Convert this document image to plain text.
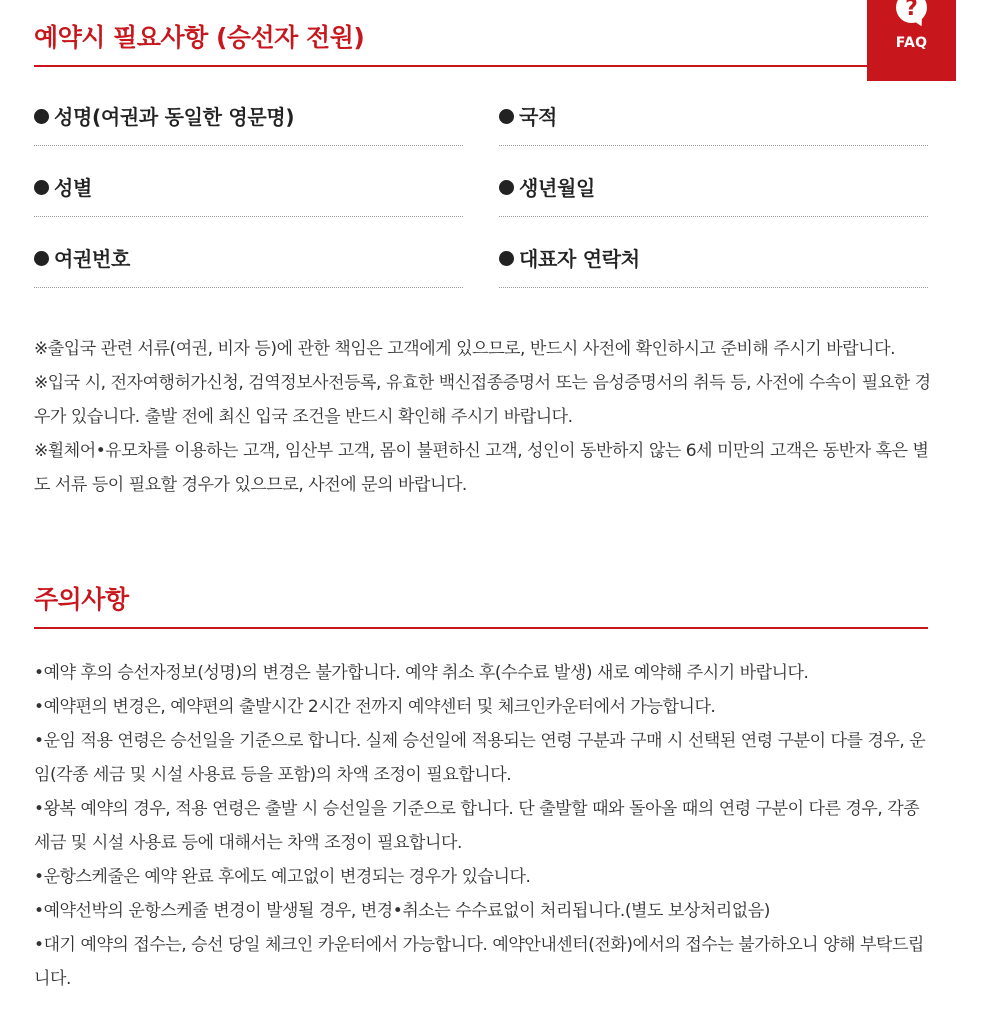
예약시 필요사항 (승선자 전원)
?
FAQ
성명(여권과 동일한 영문명)	국적
성별	생년월일
여권번호	대표자 연락처

※출입국 관련 서류(여권, 비자 등)에 관한 책임은 고객에게 있으므로, 반드시 사전에 확인하시고 준비해 주시기 바랍니다.

※입국 시, 전자여행허가신청, 검역정보사전등록, 유효한 백신접종증명서 또는 음성증명서의 취득 등, 사전에 수속이 필요한 경우가 있습니다. 출발 전에 최신 입국 조건을 반드시 확인해 주시기 바랍니다.

※휠체어•유모차를 이용하는 고객, 임산부 고객, 몸이 불편하신 고객, 성인이 동반하지 않는 6세 미만의 고객은 동반자 혹은 별도 서류 등이 필요할 경우가 있으므로, 사전에 문의 바랍니다.

주의사항

•예약 후의 승선자정보(성명)의 변경은 불가합니다. 예약 취소 후(수수료 발생) 새로 예약해 주시기 바랍니다.

•예약편의 변경은, 예약편의 출발시간 2시간 전까지 예약센터 및 체크인카운터에서 가능합니다.

•운임 적용 연령은 승선일을 기준으로 합니다. 실제 승선일에 적용되는 연령 구분과 구매 시 선택된 연령 구분이 다를 경우, 운임(각종 세금 및 시설 사용료 등을 포함)의 차액 조정이 필요합니다.

•왕복 예약의 경우, 적용 연령은 출발 시 승선일을 기준으로 합니다. 단 출발할 때와 돌아올 때의 연령 구분이 다른 경우, 각종 세금 및 시설 사용료 등에 대해서는 차액 조정이 필요합니다.

•운항스케줄은 예약 완료 후에도 예고없이 변경되는 경우가 있습니다.

•예약선박의 운항스케줄 변경이 발생될 경우, 변경•취소는 수수료없이 처리됩니다.(별도 보상처리없음)

•대기 예약의 접수는, 승선 당일 체크인 카운터에서 가능합니다. 예약안내센터(전화)에서의 접수는 불가하오니 양해 부탁드립니다.
